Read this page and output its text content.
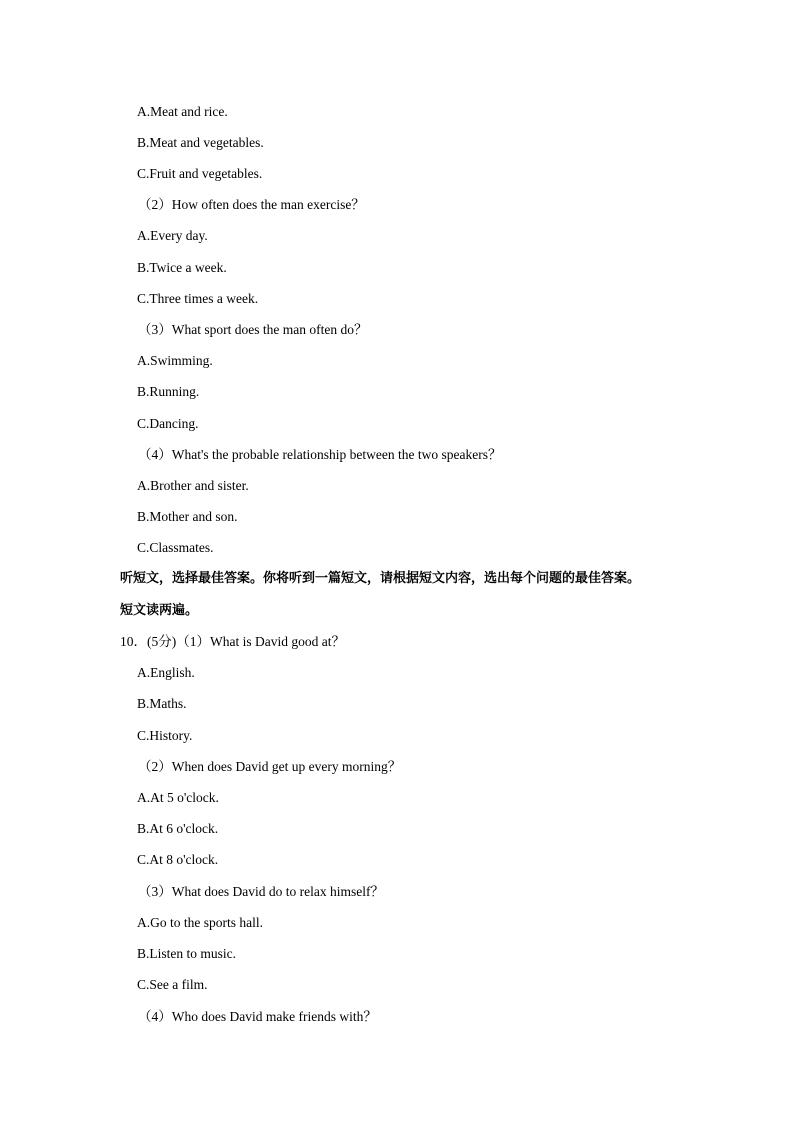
A.Meat and rice.
B.Meat and vegetables.
C.Fruit and vegetables.
（2）How often does the man exercise？
A.Every day.
B.Twice a week.
C.Three times a week.
（3）What sport does the man often do？
A.Swimming.
B.Running.
C.Dancing.
（4）What's the probable relationship between the two speakers？
A.Brother and sister.
B.Mother and son.
C.Classmates.
听短文，选择最佳答案。你将听到一篇短文，请根据短文内容，选出每个问题的最佳答案。
短文读两遍。
10．(5分)（1）What is David good at？
A.English.
B.Maths.
C.History.
（2）When does David get up every morning？
A.At 5 o'clock.
B.At 6 o'clock.
C.At 8 o'clock.
（3）What does David do to relax himself？
A.Go to the sports hall.
B.Listen to music.
C.See a film.
（4）Who does David make friends with？
